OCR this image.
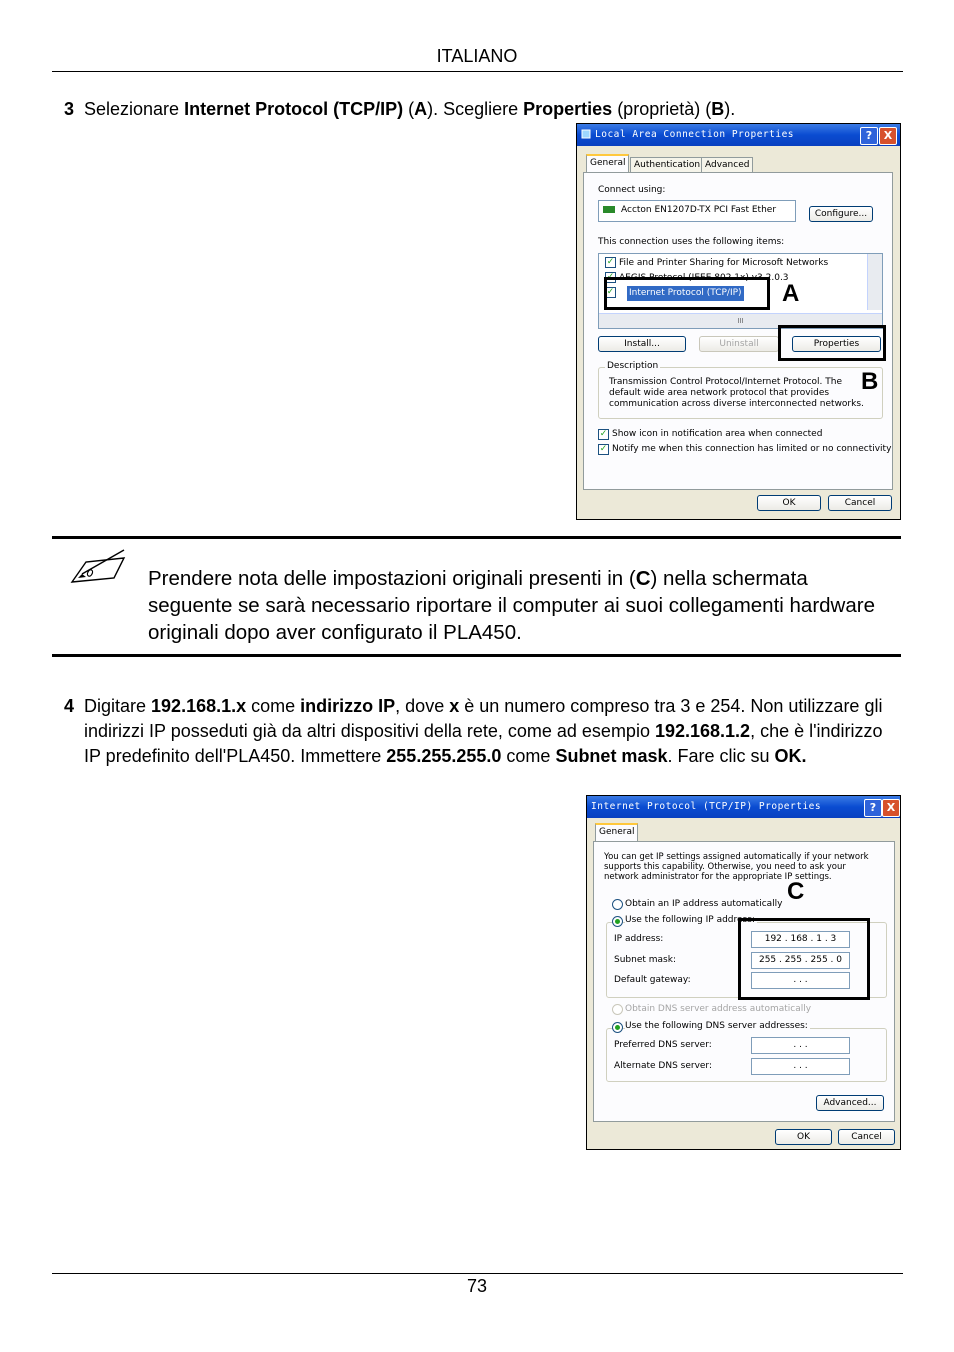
ITALIANO
3 Selezionare Internet Protocol (TCP/IP) (A). Scegliere Properties (proprietà) (B).
Local Area Connection Properties	?	X
General Authentication Advanced
Connect using:
Accton EN1207D-TX PCI Fast Ether	Configure...
This connection uses the following items:
✓ File and Printer Sharing for Microsoft Networks
✓ AEGIS Protocol (IEEE 802.1x) v3.2.0.3
✓ Internet Protocol (TCP/IP)
III
Install...	Uninstall	Properties
Description
Transmission Control Protocol/Internet Protocol. The default wide area network protocol that provides communication across diverse interconnected networks.
✓ Show icon in notification area when connected
✓ Notify me when this connection has limited or no connectivity
OK	Cancel
A
B
Prendere nota delle impostazioni originali presenti in (C) nella schermata seguente se sarà necessario riportare il computer ai suoi collegamenti hardware originali dopo aver configurato il PLA450.
4 Digitare 192.168.1.x come indirizzo IP, dove x è un numero compreso tra 3 e 254. Non utilizzare gli indirizzi IP posseduti già da altri dispositivi della rete, come ad esempio 192.168.1.2, che è l'indirizzo IP predefinito dell'PLA450. Immettere 255.255.255.0 come Subnet mask. Fare clic su OK.
Internet Protocol (TCP/IP) Properties	? X
General
You can get IP settings assigned automatically if your network supports this capability. Otherwise, you need to ask your network administrator for the appropriate IP settings.
Obtain an IP address automatically
Use the following IP address:
IP address:	192 . 168 . 1 . 3
Subnet mask:	255 . 255 . 255 . 0
Default gateway:	. . .
Obtain DNS server address automatically
Use the following DNS server addresses:
Preferred DNS server:	. . .
Alternate DNS server:	. . .
Advanced...
OK	Cancel
C
73
